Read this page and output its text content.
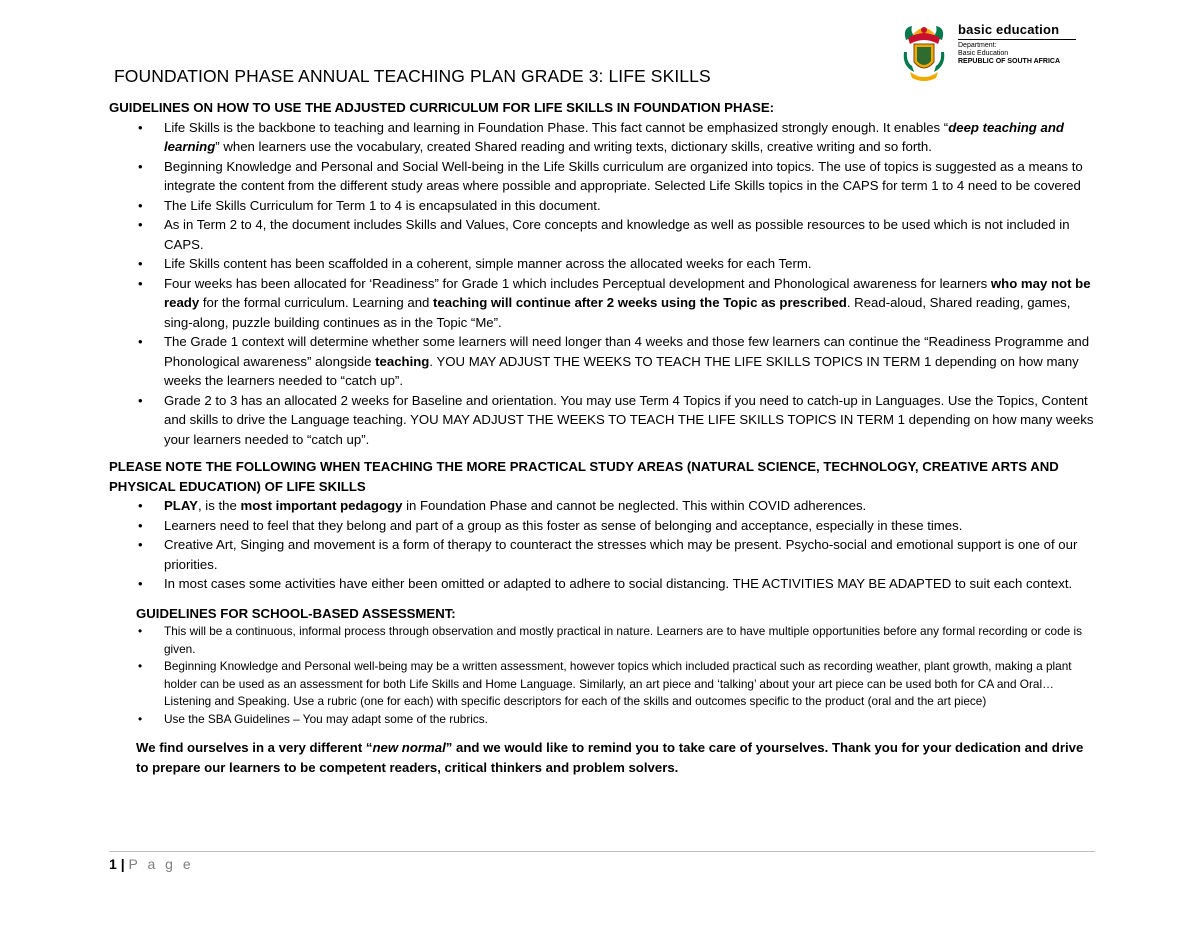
basic education
Department:
Basic Education
REPUBLIC OF SOUTH AFRICA
FOUNDATION PHASE ANNUAL TEACHING PLAN GRADE 3: LIFE SKILLS
GUIDELINES ON HOW TO USE THE ADJUSTED CURRICULUM FOR LIFE SKILLS IN FOUNDATION PHASE:
• Life Skills is the backbone to teaching and learning in Foundation Phase. This fact cannot be emphasized strongly enough. It enables “deep teaching and learning” when learners use the vocabulary, created Shared reading and writing texts, dictionary skills, creative writing and so forth.
• Beginning Knowledge and Personal and Social Well-being in the Life Skills curriculum are organized into topics. The use of topics is suggested as a means to integrate the content from the different study areas where possible and appropriate. Selected Life Skills topics in the CAPS for term 1 to 4 need to be covered
• The Life Skills Curriculum for Term 1 to 4 is encapsulated in this document.
• As in Term 2 to 4, the document includes Skills and Values, Core concepts and knowledge as well as possible resources to be used which is not included in CAPS.
• Life Skills content has been scaffolded in a coherent, simple manner across the allocated weeks for each Term.
• Four weeks has been allocated for ‘Readiness” for Grade 1 which includes Perceptual development and Phonological awareness for learners who may not be ready for the formal curriculum. Learning and teaching will continue after 2 weeks using the Topic as prescribed. Read-aloud, Shared reading, games, sing-along, puzzle building continues as in the Topic “Me”.
• The Grade 1 context will determine whether some learners will need longer than 4 weeks and those few learners can continue the “Readiness Programme and Phonological awareness” alongside teaching. YOU MAY ADJUST THE WEEKS TO TEACH THE LIFE SKILLS TOPICS IN TERM 1 depending on how many weeks the learners needed to “catch up”.
• Grade 2 to 3 has an allocated 2 weeks for Baseline and orientation. You may use Term 4 Topics if you need to catch-up in Languages. Use the Topics, Content and skills to drive the Language teaching. YOU MAY ADJUST THE WEEKS TO TEACH THE LIFE SKILLS TOPICS IN TERM 1 depending on how many weeks your learners needed to “catch up”.
PLEASE NOTE THE FOLLOWING WHEN TEACHING THE MORE PRACTICAL STUDY AREAS (NATURAL SCIENCE, TECHNOLOGY, CREATIVE ARTS AND PHYSICAL EDUCATION) OF LIFE SKILLS
• PLAY, is the most important pedagogy in Foundation Phase and cannot be neglected. This within COVID adherences.
• Learners need to feel that they belong and part of a group as this foster as sense of belonging and acceptance, especially in these times.
• Creative Art, Singing and movement is a form of therapy to counteract the stresses which may be present. Psycho-social and emotional support is one of our priorities.
• In most cases some activities have either been omitted or adapted to adhere to social distancing. THE ACTIVITIES MAY BE ADAPTED to suit each context.
GUIDELINES FOR SCHOOL-BASED ASSESSMENT:
• This will be a continuous, informal process through observation and mostly practical in nature. Learners are to have multiple opportunities before any formal recording or code is given.
• Beginning Knowledge and Personal well-being may be a written assessment, however topics which included practical such as recording weather, plant growth, making a plant holder can be used as an assessment for both Life Skills and Home Language. Similarly, an art piece and ‘talking’ about your art piece can be used both for CA and Oral…Listening and Speaking. Use a rubric (one for each) with specific descriptors for each of the skills and outcomes specific to the product (oral and the art piece)
• Use the SBA Guidelines – You may adapt some of the rubrics.
We find ourselves in a very different “new normal” and we would like to remind you to take care of yourselves. Thank you for your dedication and drive to prepare our learners to be competent readers, critical thinkers and problem solvers.
1 | P a g e
